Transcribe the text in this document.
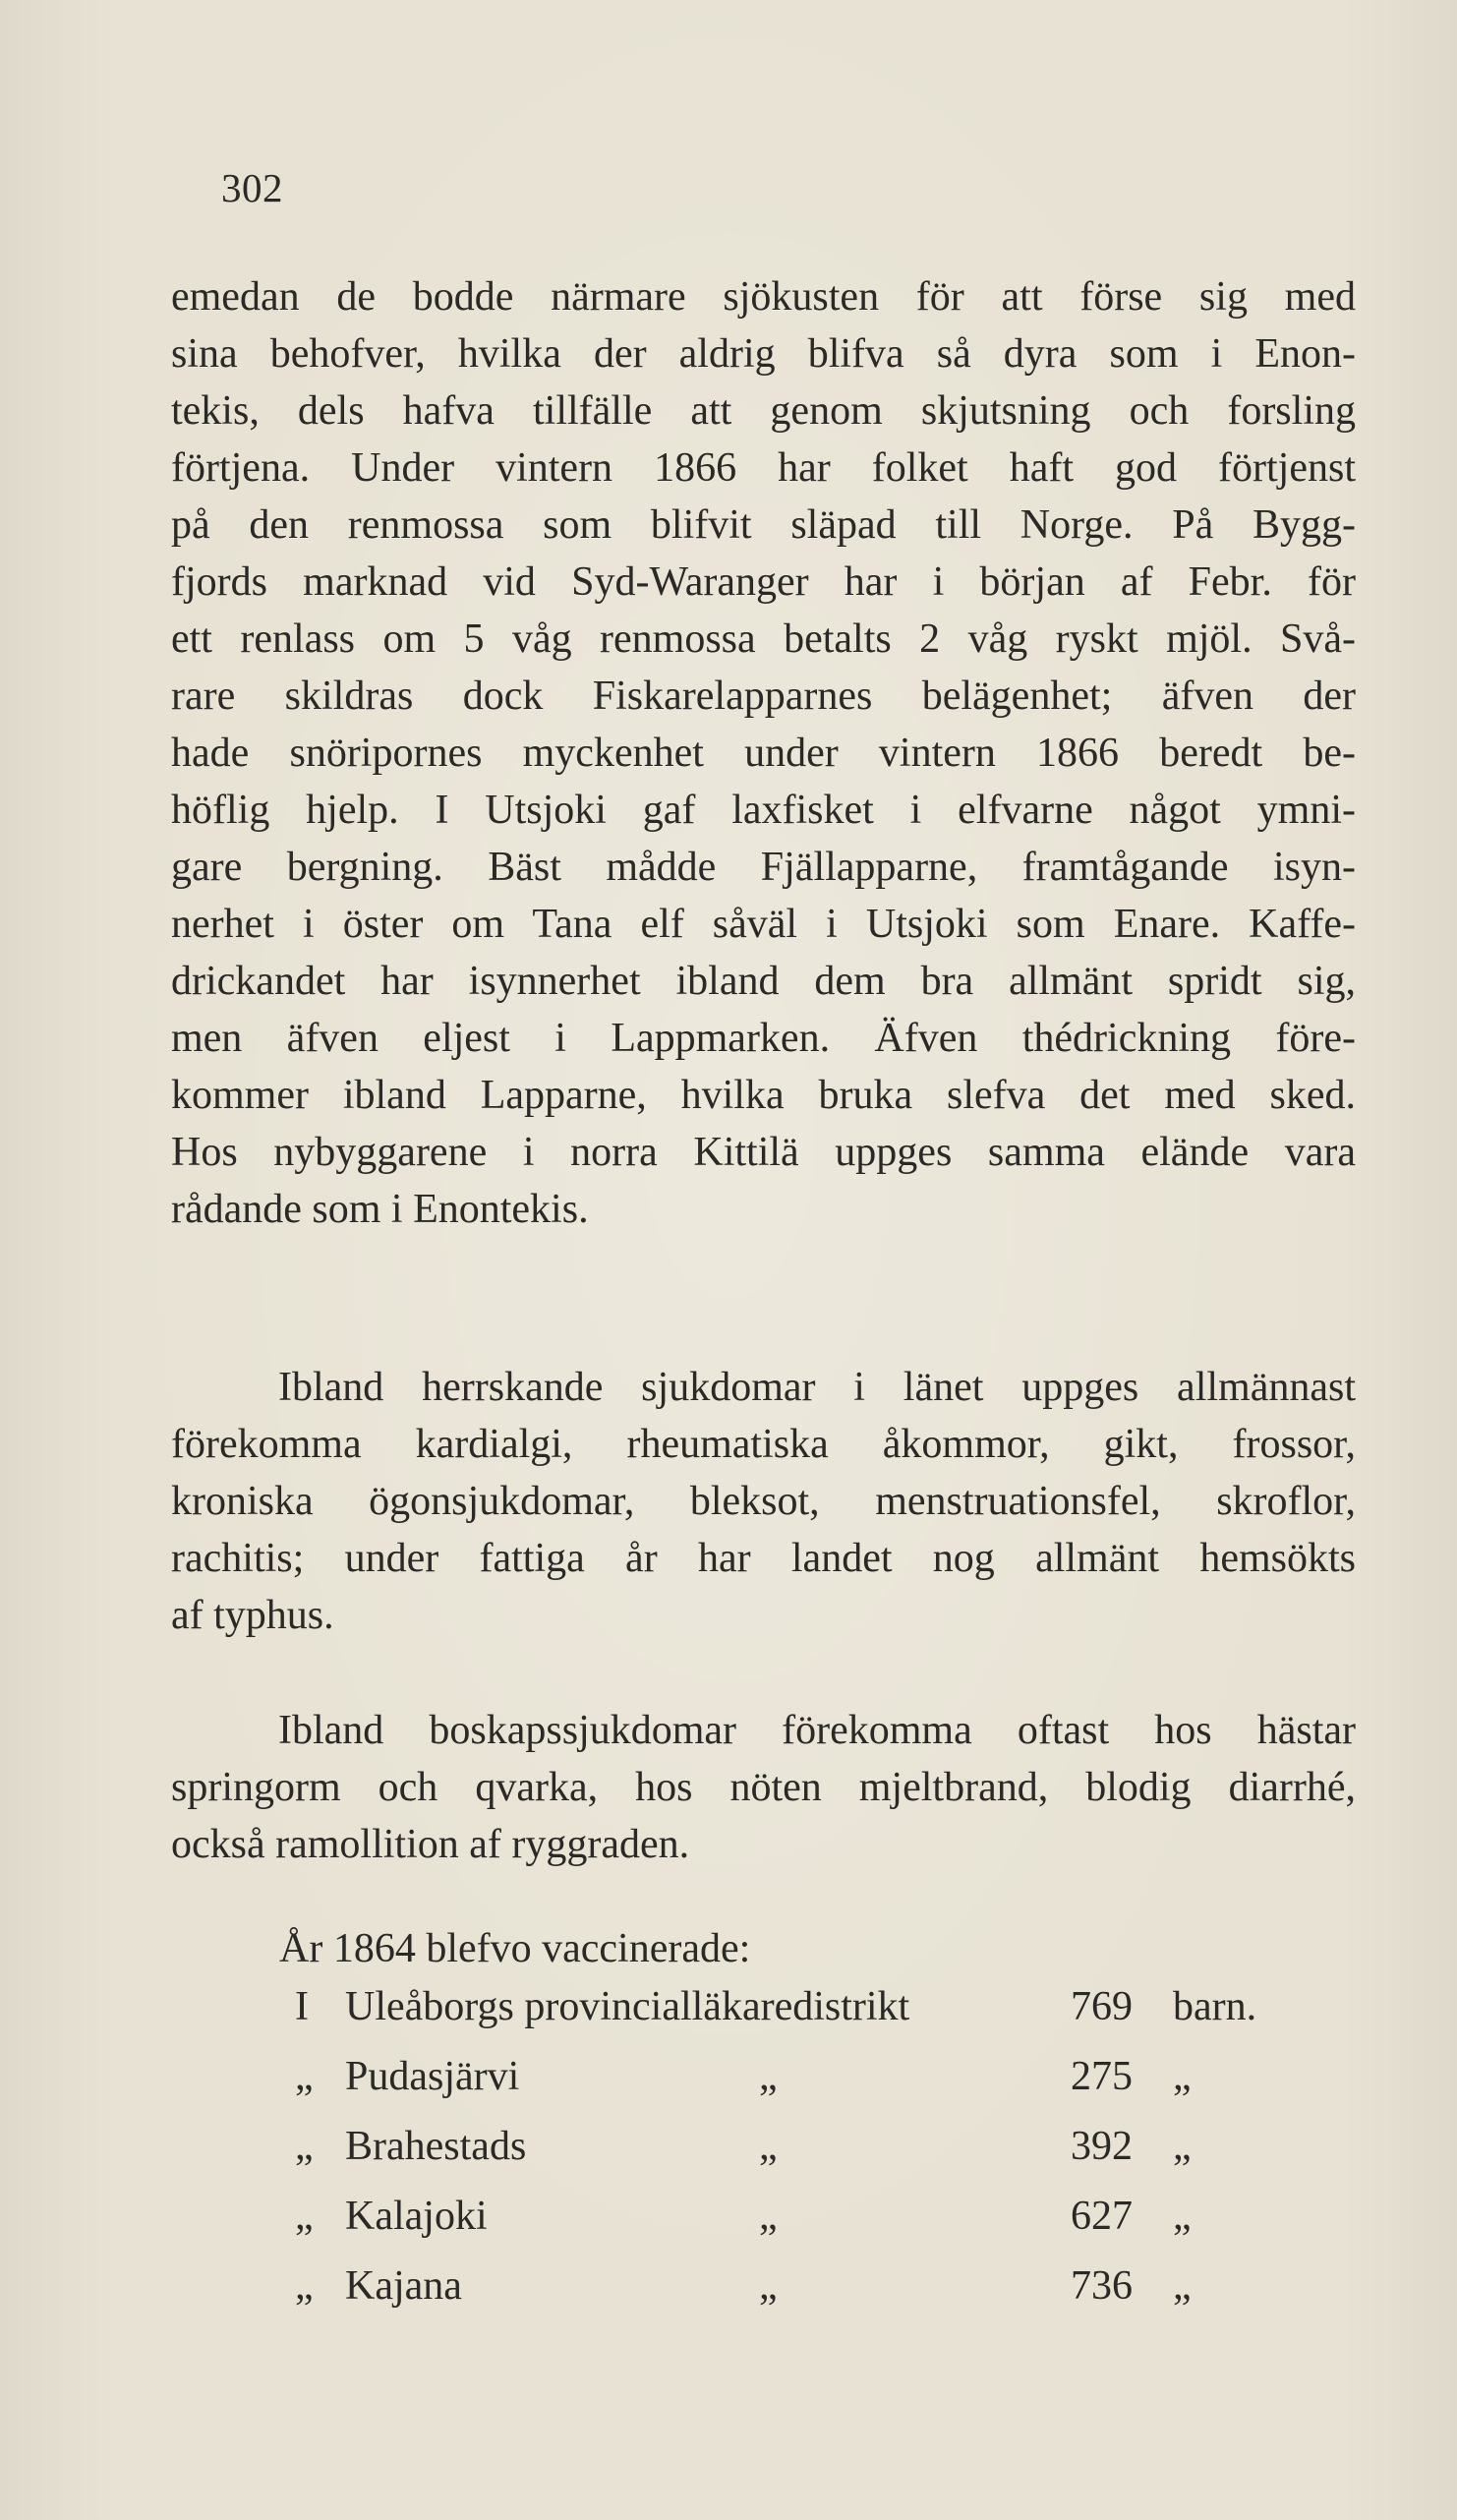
302
emedan de bodde närmare sjökusten för att förse sig med
sina behofver, hvilka der aldrig blifva så dyra som i Enon-
tekis, dels hafva tillfälle att genom skjutsning och forsling
förtjena. Under vintern 1866 har folket haft god förtjenst
på den renmossa som blifvit släpad till Norge. På Bygg-
fjords marknad vid Syd-Waranger har i början af Febr. för
ett renlass om 5 våg renmossa betalts 2 våg ryskt mjöl. Svå-
rare skildras dock Fiskarelapparnes belägenhet; äfven der
hade snöripornes myckenhet under vintern 1866 beredt be-
höflig hjelp. I Utsjoki gaf laxfisket i elfvarne något ymni-
gare bergning. Bäst mådde Fjällapparne, framtågande isyn-
nerhet i öster om Tana elf såväl i Utsjoki som Enare. Kaffe-
drickandet har isynnerhet ibland dem bra allmänt spridt sig,
men äfven eljest i Lappmarken. Äfven thédrickning före-
kommer ibland Lapparne, hvilka bruka slefva det med sked.
Hos nybyggarene i norra Kittilä uppges samma elände vara
rådande som i Enontekis.
Ibland herrskande sjukdomar i länet uppges allmännast
förekomma kardialgi, rheumatiska åkommor, gikt, frossor,
kroniska ögonsjukdomar, bleksot, menstruationsfel, skroflor,
rachitis; under fattiga år har landet nog allmänt hemsökts
af typhus.
Ibland boskapssjukdomar förekomma oftast hos hästar
springorm och qvarka, hos nöten mjeltbrand, blodig diarrhé,
också ramollition af ryggraden.
År 1864 blefvo vaccinerade:
I Uleåborgs provincialläkaredistrikt	769 barn.
„ Pudasjärvi	„	275 „
„ Brahestads	„	392 „
„ Kalajoki	„	627 „
„ Kajana	„	736 „
